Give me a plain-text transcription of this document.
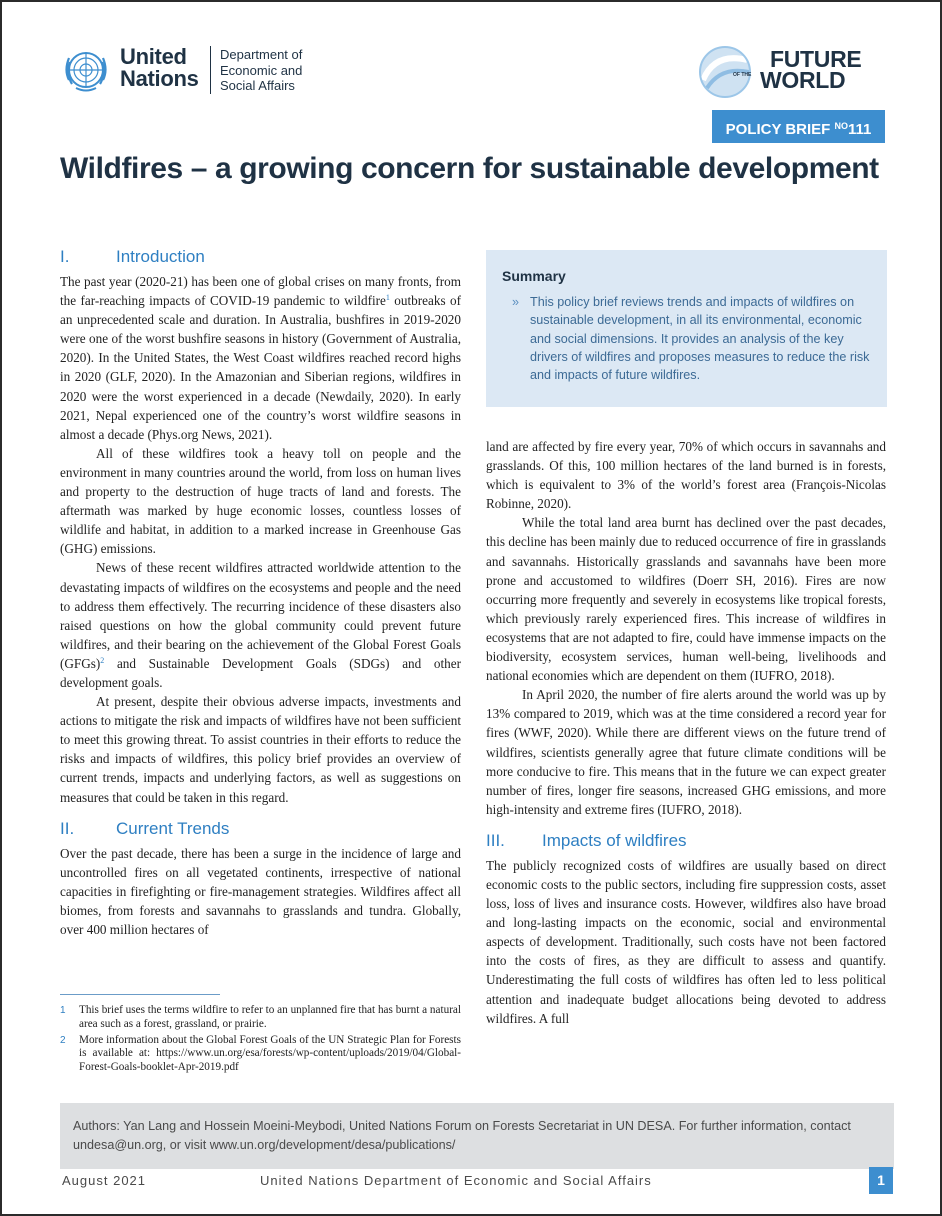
United
Nations
Department of
Economic and
Social Affairs
FUTURE
OF THE WORLD
POLICY BRIEF $^{NO}$111
Wildfires – a growing concern for sustainable development
I.	Introduction

The past year (2020-21) has been one of global crises on many fronts, from the far-reaching impacts of COVID-19 pandemic to wildfire$^1$ outbreaks of an unprecedented scale and duration. In Australia, bushfires in 2019-2020 were one of the worst bushfire seasons in history (Government of Australia, 2020). In the United States, the West Coast wildfires reached record highs in 2020 (GLF, 2020). In the Amazonian and Siberian regions, wildfires in 2020 were the worst experienced in a decade (Newdaily, 2020). In early 2021, Nepal experienced one of the country’s worst wildfire seasons in almost a decade (Phys.org News, 2021).

All of these wildfires took a heavy toll on people and the environment in many countries around the world, from loss on human lives and property to the destruction of huge tracts of land and forests. The aftermath was marked by huge economic losses, countless losses of wildlife and habitat, in addition to a marked increase in Greenhouse Gas (GHG) emissions.

News of these recent wildfires attracted worldwide attention to the devastating impacts of wildfires on the ecosystems and people and the need to address them effectively. The recurring incidence of these disasters also raised questions on how the global community could prevent future wildfires, and their bearing on the achievement of the Global Forest Goals (GFGs)$^2$ and Sustainable Development Goals (SDGs) and other development goals.

At present, despite their obvious adverse impacts, investments and actions to mitigate the risk and impacts of wildfires have not been sufficient to meet this growing threat. To assist countries in their efforts to reduce the risks and impacts of wildfires, this policy brief provides an overview of current trends, impacts and underlying factors, as well as suggestions on measures that could be taken in this regard.

II.	Current Trends

Over the past decade, there has been a surge in the incidence of large and uncontrolled fires on all vegetated continents, irrespective of national capacities in firefighting or fire-management strategies. Wildfires affect all biomes, from forests and savannahs to grasslands and tundra. Globally, over 400 million hectares of

Summary
» This policy brief reviews trends and impacts of wildfires on sustainable development, in all its environmental, economic and social dimensions. It provides an analysis of the key drivers of wildfires and proposes measures to reduce the risk and impacts of future wildfires.

land are affected by fire every year, 70% of which occurs in savannahs and grasslands. Of this, 100 million hectares of the land burned is in forests, which is equivalent to 3% of the world’s forest area (François-Nicolas Robinne, 2020).

While the total land area burnt has declined over the past decades, this decline has been mainly due to reduced occurrence of fire in grasslands and savannahs. Historically grasslands and savannahs have been more prone and accustomed to wildfires (Doerr SH, 2016). Fires are now occurring more frequently and severely in ecosystems like tropical forests, which previously rarely experienced fires. This increase of wildfires in ecosystems that are not adapted to fire, could have immense impacts on the biodiversity, ecosystem services, human well-being, livelihoods and national economies which are dependent on them (IUFRO, 2018).

In April 2020, the number of fire alerts around the world was up by 13% compared to 2019, which was at the time considered a record year for fires (WWF, 2020). While there are different views on the future trend of wildfires, scientists generally agree that future climate conditions will be more conducive to fire. This means that in the future we can expect greater number of fires, longer fire seasons, increased GHG emissions, and more high-intensity and extreme fires (IUFRO, 2018).

III.	Impacts of wildfires

The publicly recognized costs of wildfires are usually based on direct economic costs to the public sectors, including fire suppression costs, asset loss, loss of lives and insurance costs. However, wildfires also have broad and long-lasting impacts on the economic, social and environmental aspects of development. Traditionally, such costs have not been factored into the costs of fires, as they are difficult to assess and quantify. Underestimating the full costs of wildfires has often led to less political attention and inadequate budget allocations being devoted to address wildfires. A full

1	This brief uses the terms wildfire to refer to an unplanned fire that has burnt a natural area such as a forest, grassland, or prairie.
2	More information about the Global Forest Goals of the UN Strategic Plan for Forests is available at: https://www.un.org/esa/forests/wp-content/uploads/2019/04/Global-Forest-Goals-booklet-Apr-2019.pdf
Authors: Yan Lang and Hossein Moeini-Meybodi, United Nations Forum on Forests Secretariat in UN DESA. For further information, contact undesa@un.org, or visit www.un.org/development/desa/publications/
August 2021	United Nations Department of Economic and Social Affairs	1
